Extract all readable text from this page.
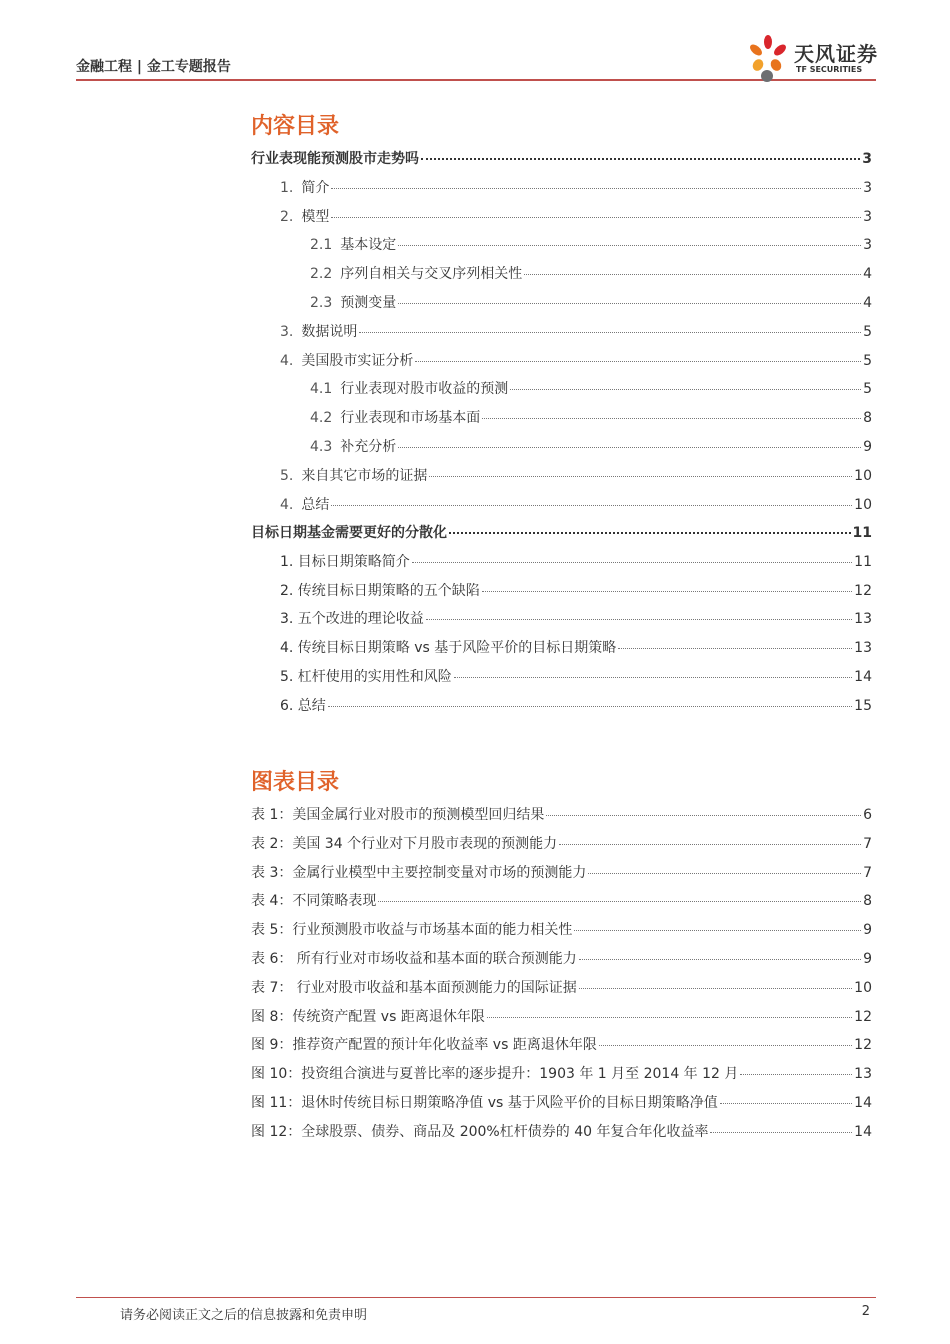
金融工程 | 金工专题报告
天风证券
TF SECURITIES
内容目录
行业表现能预测股市走势吗	3
1. 简介	3
2. 模型	3
2.1 基本设定	3
2.2 序列自相关与交叉序列相关性	4
2.3 预测变量	4
3. 数据说明	5
4. 美国股市实证分析	5
4.1 行业表现对股市收益的预测	5
4.2 行业表现和市场基本面	8
4.3 补充分析	9
5. 来自其它市场的证据	10
4. 总结	10
目标日期基金需要更好的分散化	11
1. 目标日期策略简介	11
2. 传统目标日期策略的五个缺陷	12
3. 五个改进的理论收益	13
4. 传统目标日期策略 vs 基于风险平价的目标日期策略	13
5. 杠杆使用的实用性和风险	14
6. 总结	15
图表目录
表 1：美国金属行业对股市的预测模型回归结果	6
表 2：美国 34 个行业对下月股市表现的预测能力	7
表 3：金属行业模型中主要控制变量对市场的预测能力	7
表 4：不同策略表现	8
表 5：行业预测股市收益与市场基本面的能力相关性	9
表 6： 所有行业对市场收益和基本面的联合预测能力	9
表 7： 行业对股市收益和基本面预测能力的国际证据	10
图 8：传统资产配置 vs 距离退休年限	12
图 9：推荐资产配置的预计年化收益率 vs 距离退休年限	12
图 10：投资组合演进与夏普比率的逐步提升：1903 年 1 月至 2014 年 12 月	13
图 11：退休时传统目标日期策略净值 vs 基于风险平价的目标日期策略净值	14
图 12：全球股票、债券、商品及 200%杠杆债券的 40 年复合年化收益率	14
请务必阅读正文之后的信息披露和免责申明	2
